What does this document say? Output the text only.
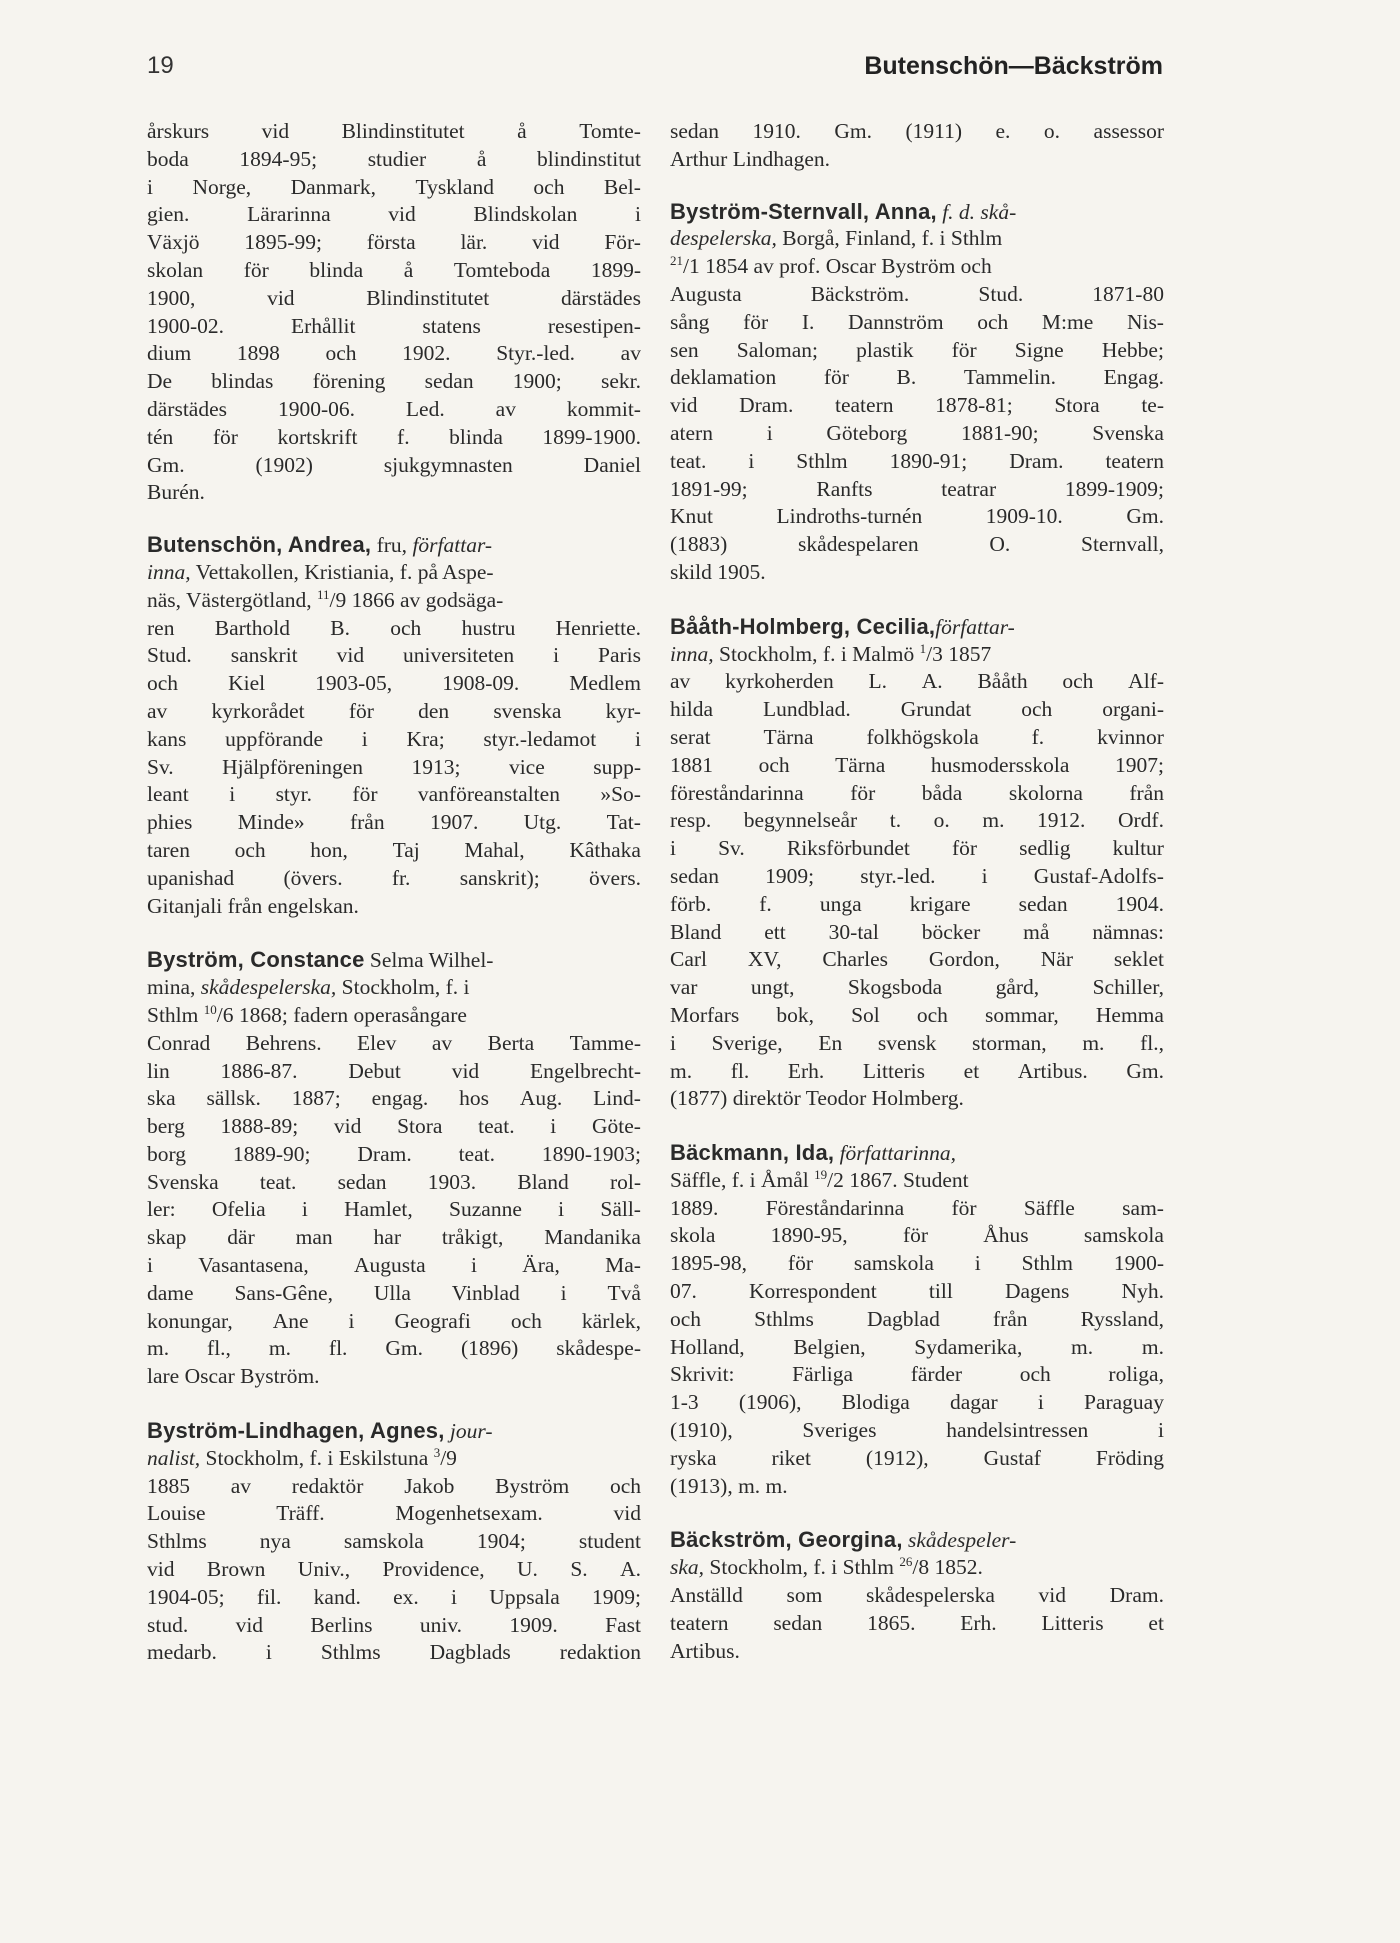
19	Butenschön—Bäckström
årskurs vid Blindinstitutet å Tomte-
boda 1894-95; studier å blindinstitut
i Norge, Danmark, Tyskland och Bel-
gien.	Lärarinna	vid	Blindskolan	i
Växjö 1895-99; första lär. vid För-
skolan för blinda å Tomteboda 1899-
1900,	vid	Blindinstitutet	därstädes
1900-02.	Erhållit	statens	resestipen-
dium 1898 och 1902. Styr.-led. av
De blindas förening sedan 1900; sekr.
därstädes 1900-06. Led. av kommit-
tén för kortskrift f. blinda 1899-1900.
Gm.	(1902)	sjukgymnasten	Daniel
Burén.
Butenschön, Andrea, fru, författar-
inna, Vettakollen, Kristiania, f. på Aspe-
näs, Västergötland, $^{11}$/9 1866 av godsäga-
ren Barthold B. och hustru Henriette.
Stud. sanskrit vid universiteten i Paris
och Kiel 1903-05, 1908-09. Medlem
av kyrkorådet för den svenska kyr-
kans uppförande i Kra; styr.-ledamot i
Sv. Hjälpföreningen 1913; vice supp-
leant i styr. för vanföreanstalten »So-
phies Minde» från 1907. Utg. Tat-
taren och hon, Taj Mahal, Kâthaka
upanishad (övers. fr. sanskrit); övers.
Gitanjali från engelskan.
Byström, Constance Selma Wilhel-
mina, skådespelerska, Stockholm, f. i
Sthlm $^{10}$/6 1868; fadern operasångare
Conrad Behrens. Elev av Berta Tamme-
lin 1886-87. Debut vid Engelbrecht-
ska sällsk. 1887; engag. hos Aug. Lind-
berg 1888-89; vid Stora teat. i Göte-
borg 1889-90; Dram. teat. 1890-1903;
Svenska teat. sedan 1903. Bland rol-
ler: Ofelia i Hamlet, Suzanne i Säll-
skap där man har tråkigt, Mandanika
i Vasantasena, Augusta i Ära, Ma-
dame Sans-Gêne, Ulla Vinblad i Två
konungar, Ane i Geografi och kärlek,
m. fl., m. fl. Gm. (1896) skådespe-
lare Oscar Byström.
Byström-Lindhagen, Agnes, jour-
nalist, Stockholm, f. i Eskilstuna $^3$/9
1885 av redaktör Jakob Byström och
Louise	Träff.	Mogenhetsexam.	vid
Sthlms nya samskola 1904; student
vid Brown Univ., Providence, U. S. A.
1904-05; fil. kand. ex. i Uppsala 1909;
stud. vid Berlins univ. 1909. Fast
medarb. i Sthlms Dagblads redaktion
sedan 1910. Gm. (1911) e. o. assessor
Arthur Lindhagen.
Byström-Sternvall, Anna, f. d. skå-
despelerska, Borgå, Finland, f. i Sthlm
$^{21}$/1 1854 av prof. Oscar Byström och
Augusta	Bäckström.	Stud.	1871-80
sång för I. Dannström och M:me Nis-
sen Saloman; plastik för Signe Hebbe;
deklamation för B. Tammelin. Engag.
vid Dram. teatern 1878-81; Stora te-
atern i Göteborg 1881-90; Svenska
teat. i Sthlm 1890-91; Dram. teatern
1891-99;	Ranfts	teatrar	1899-1909;
Knut	Lindroths-turnén	1909-10.	Gm.
(1883)	skådespelaren	O.	Sternvall,
skild 1905.
Bååth-Holmberg, Cecilia,författar-
inna, Stockholm, f. i Malmö $^1$/3 1857
av kyrkoherden L. A. Bååth och Alf-
hilda Lundblad. Grundat och organi-
serat Tärna folkhögskola f. kvinnor
1881 och Tärna husmodersskola 1907;
föreståndarinna för båda skolorna från
resp. begynnelseår t. o. m. 1912. Ordf.
i Sv. Riksförbundet för sedlig kultur
sedan 1909; styr.-led. i Gustaf-Adolfs-
förb. f. unga krigare sedan 1904.
Bland ett 30-tal böcker må nämnas:
Carl XV, Charles Gordon, När seklet
var ungt, Skogsboda gård, Schiller,
Morfars bok, Sol och sommar, Hemma
i Sverige, En svensk storman, m. fl.,
m. fl. Erh. Litteris et Artibus. Gm.
(1877) direktör Teodor Holmberg.
Bäckmann, Ida, författarinna,
Säffle, f. i Åmål $^{19}$/2 1867. Student
1889. Föreståndarinna för Säffle sam-
skola	1890-95,	för	Åhus	samskola
1895-98, för samskola i Sthlm 1900-
07. Korrespondent till Dagens Nyh.
och Sthlms Dagblad från Ryssland,
Holland, Belgien, Sydamerika, m. m.
Skrivit:	Färliga	färder	och	roliga,
1-3 (1906), Blodiga dagar i Paraguay
(1910),	Sveriges	handelsintressen	i
ryska	riket	(1912),	Gustaf	Fröding
(1913), m. m.
Bäckström, Georgina, skådespeler-
ska, Stockholm, f. i Sthlm $^{26}$/8 1852.
Anställd som skådespelerska vid Dram.
teatern sedan 1865. Erh. Litteris et
Artibus.
